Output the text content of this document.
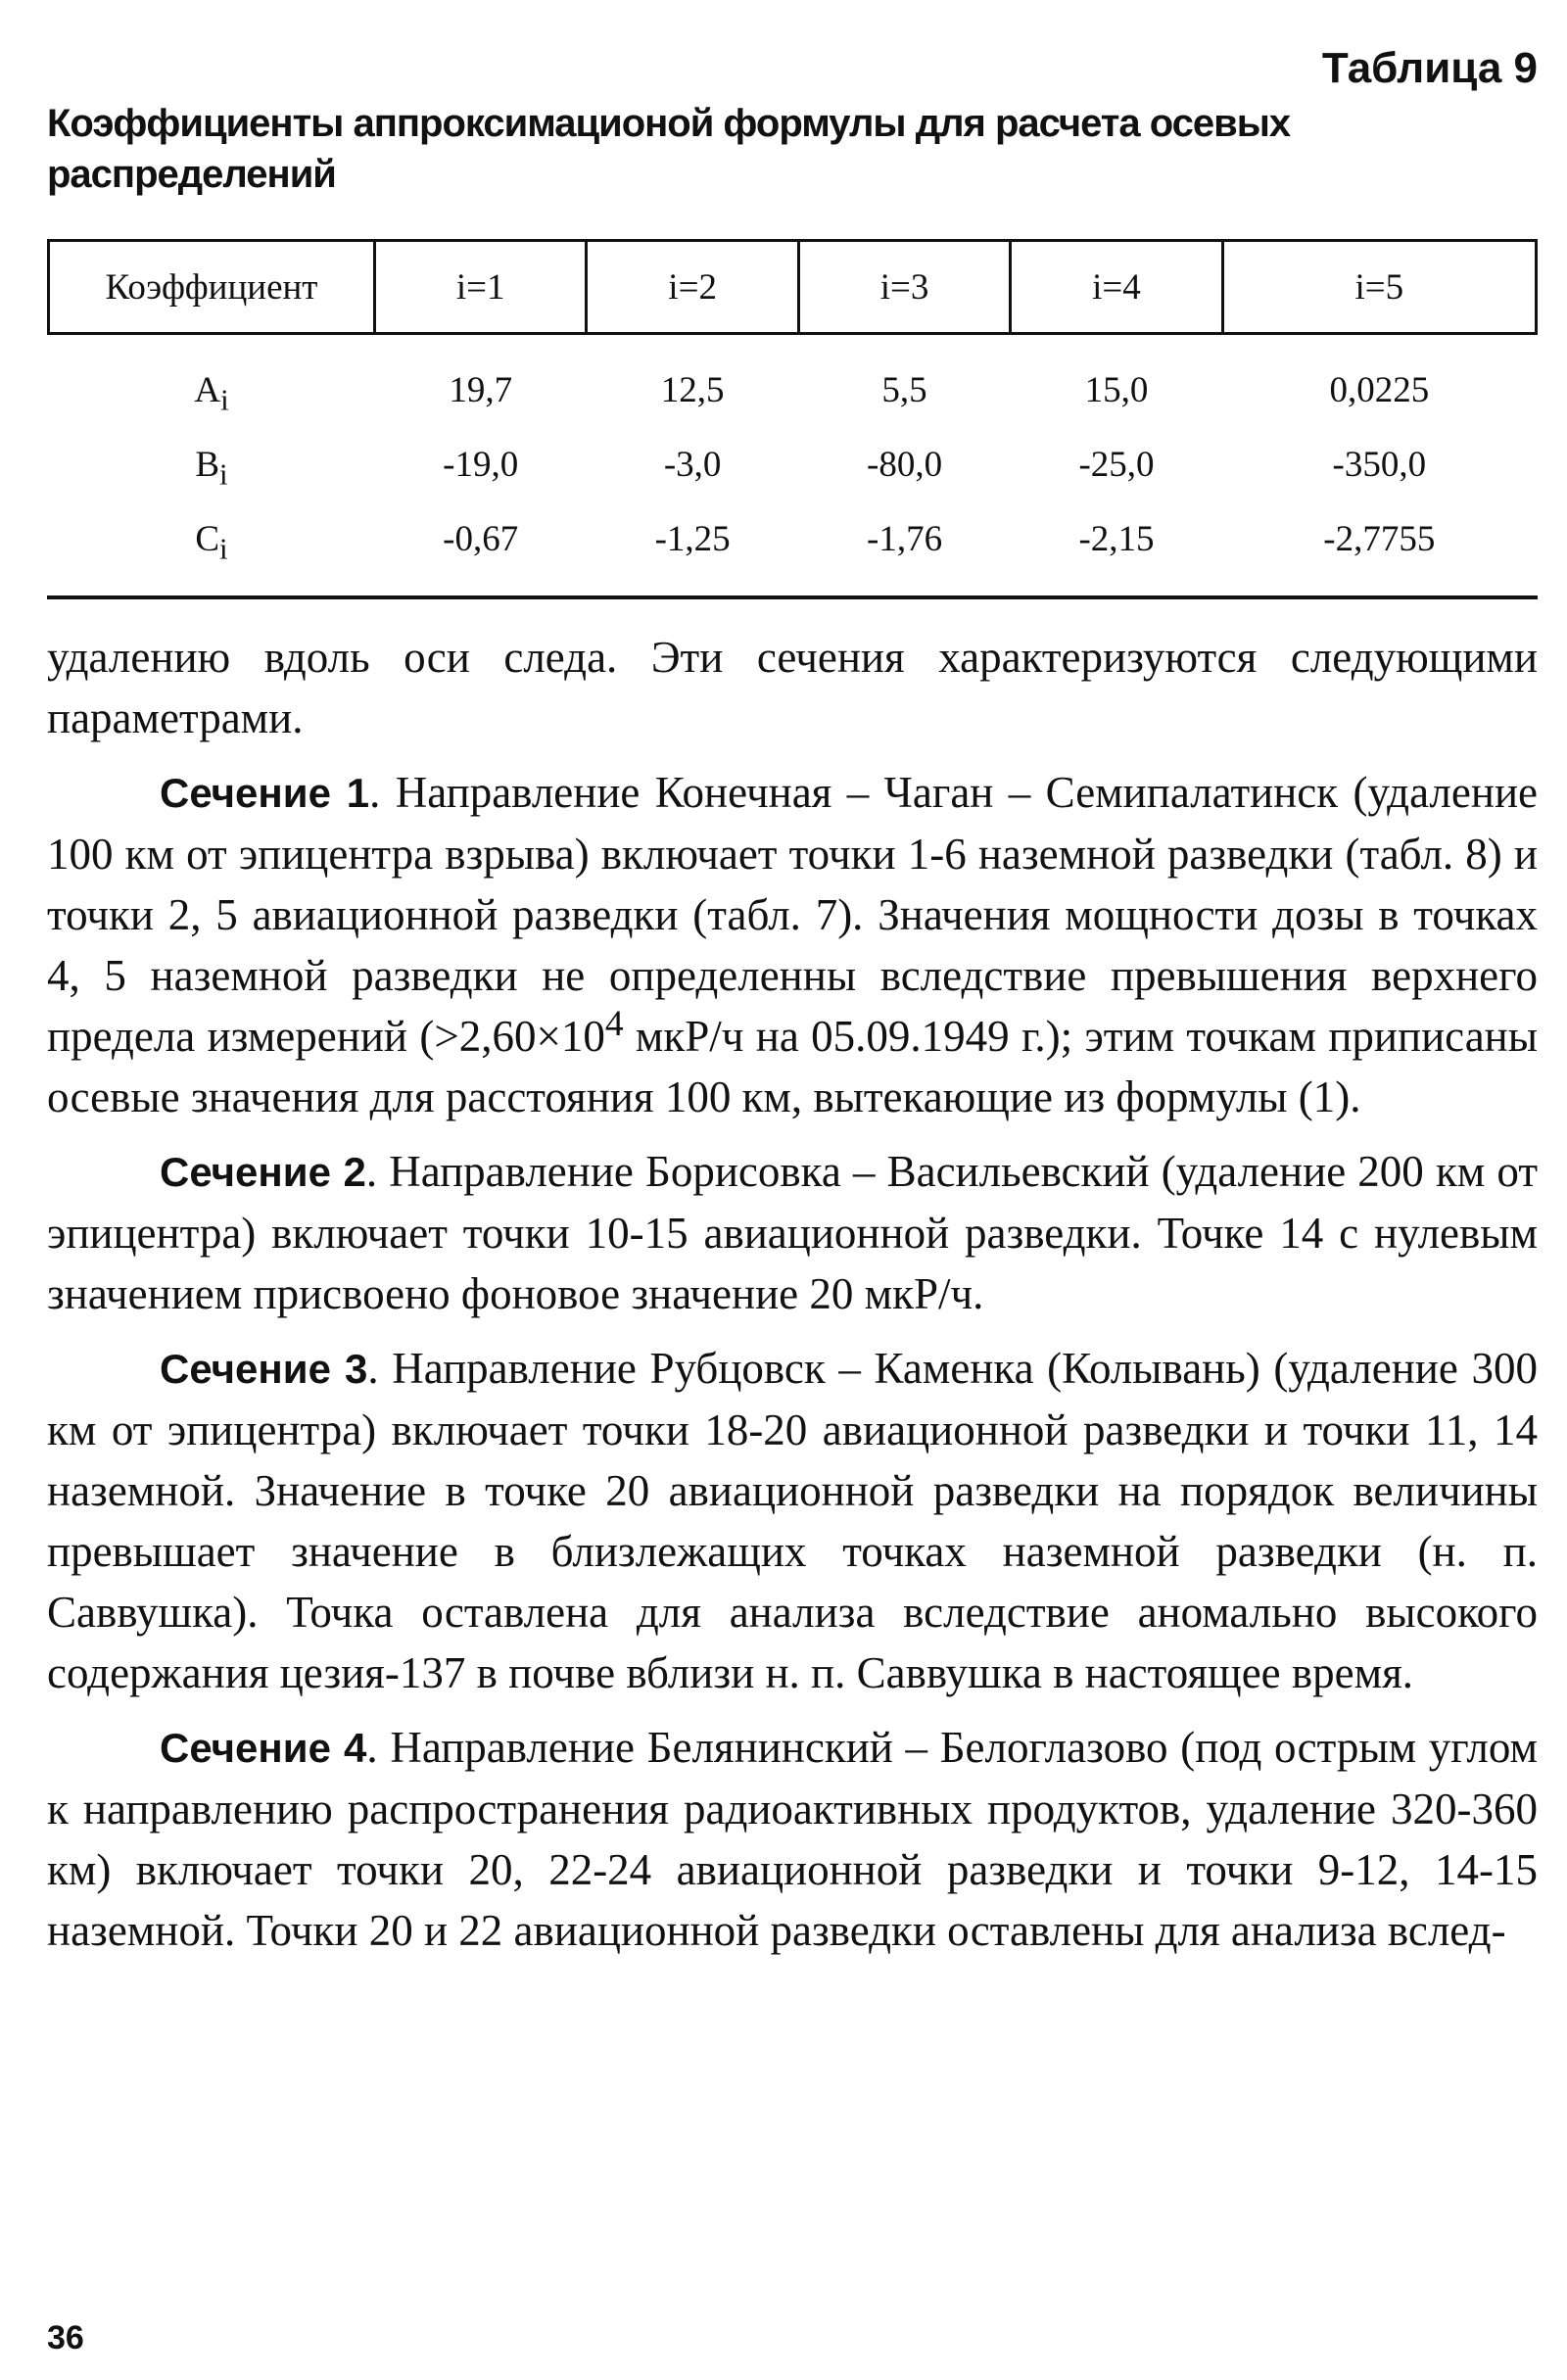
Таблица 9

Коэффициенты аппроксимационой формулы для расчета осевых распределений

Коэффициент	i=1	i=2	i=3	i=4	i=5
$A_i$	19,7	12,5	5,5	15,0	0,0225
$B_i$	-19,0	-3,0	-80,0	-25,0	-350,0
$C_i$	-0,67	-1,25	-1,76	-2,15	-2,7755

удалению вдоль оси следа. Эти сечения характеризуются следующими параметрами.

Сечение 1. Направление Конечная – Чаган – Семипалатинск (удаление 100 км от эпицентра взрыва) включает точки 1-6 наземной разведки (табл. 8) и точки 2, 5 авиационной разведки (табл. 7). Значения мощности дозы в точках 4, 5 наземной разведки не определенны вследствие превышения верхнего предела измерений ($>2,60\times 10^4$ мкР/ч на 05.09.1949 г.); этим точкам приписаны осевые значения для расстояния 100 км, вытекающие из формулы (1).

Сечение 2. Направление Борисовка – Васильевский (удаление 200 км от эпицентра) включает точки 10-15 авиационной разведки. Точке 14 с нулевым значением присвоено фоновое значение 20 мкР/ч.

Сечение 3. Направление Рубцовск – Каменка (Колывань) (удаление 300 км от эпицентра) включает точки 18-20 авиационной разведки и точки 11, 14 наземной. Значение в точке 20 авиационной разведки на порядок величины превышает значение в близлежащих точках наземной разведки (н. п. Саввушка). Точка оставлена для анализа вследствие аномально высокого содержания цезия-137 в почве вблизи н. п. Саввушка в настоящее время.

Сечение 4. Направление Белянинский – Белоглазово (под острым углом к направлению распространения радиоактивных продуктов, удаление 320-360 км) включает точки 20, 22-24 авиационной разведки и точки 9-12, 14-15 наземной. Точки 20 и 22 авиационной разведки оставлены для анализа вслед-

36
